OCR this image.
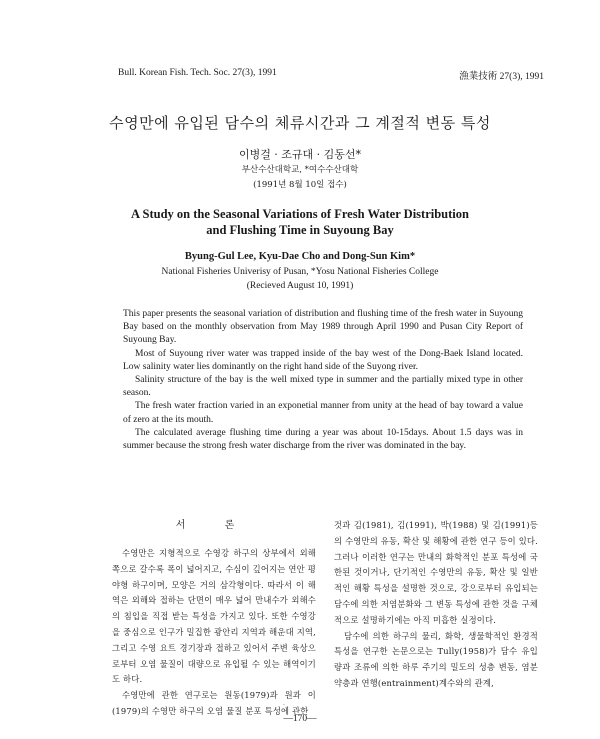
Bull. Korean Fish. Tech. Soc. 27(3), 1991	漁業技術 27(3), 1991
수영만에 유입된 담수의 체류시간과 그 계절적 변동 특성
이병걸 · 조규대 · 김동선*
부산수산대학교, *여수수산대학
(1991년 8월 10일 접수)
A Study on the Seasonal Variations of Fresh Water Distribution
and Flushing Time in Suyoung Bay
Byung-Gul Lee, Kyu-Dae Cho and Dong-Sun Kim*
National Fisheries Univerisy of Pusan, *Yosu National Fisheries College
(Recieved August 10, 1991)

This paper presents the seasonal variation of distribution and flushing time of the fresh water in Suyoung Bay based on the monthly observation from May 1989 through April 1990 and Pusan City Report of Suyoung Bay.

Most of Suyoung river water was trapped inside of the bay west of the Dong-Baek Island located. Low salinity water lies dominantly on the right hand side of the Suyong river.

Salinity structure of the bay is the well mixed type in summer and the partially mixed type in other season.

The fresh water fraction varied in an exponetial manner from unity at the head of bay toward a value of zero at the its mouth.

The calculated average flushing time during a year was about 10-15days. About 1.5 days was in summer because the strong fresh water discharge from the river was dominated in the bay.

서 론

수영만은 지형적으로 수영강 하구의 상부에서 외해 쪽으로 갈수록 폭이 넓어지고, 수심이 깊어지는 연안 평야형 하구이며, 모양은 거의 삼각형이다. 따라서 이 해역은 외해와 접하는 단면이 매우 넓어 만내수가 외해수의 침입을 직접 받는 특성을 가지고 있다. 또한 수영강을 중심으로 인구가 밀집한 광안리 지역과 해운대 지역, 그리고 수영 요트 경기장과 접하고 있어서 주변 육상으로부터 오염 물질이 대량으로 유입될 수 있는 해역이기도 하다.

수영만에 관한 연구로는 원동(1979)과 원과 이(1979)의 수영만 하구의 오염 물질 분포 특성에 관한

것과 김(1981), 김(1991), 박(1988) 및 김(1991)등의 수영만의 유동, 확산 및 해황에 관한 연구 등이 있다. 그러나 이러한 연구는 만내의 화학적인 분포 특성에 국한된 것이거나, 단기적인 수영만의 유동, 확산 및 일반적인 해황 특성을 설명한 것으로, 강으로부터 유입되는 담수에 의한 저염분화와 그 변동 특성에 관한 것을 구체적으로 설명하기에는 아직 미흡한 실정이다.

담수에 의한 하구의 물리, 화학, 생물학적인 환경적 특성을 연구한 논문으로는 Tully(1958)가 담수 유입량과 조류에 의한 하루 주기의 밀도의 성층 변동, 염분 약층과 연행(entrainment)계수와의 관계,

.
—170—
